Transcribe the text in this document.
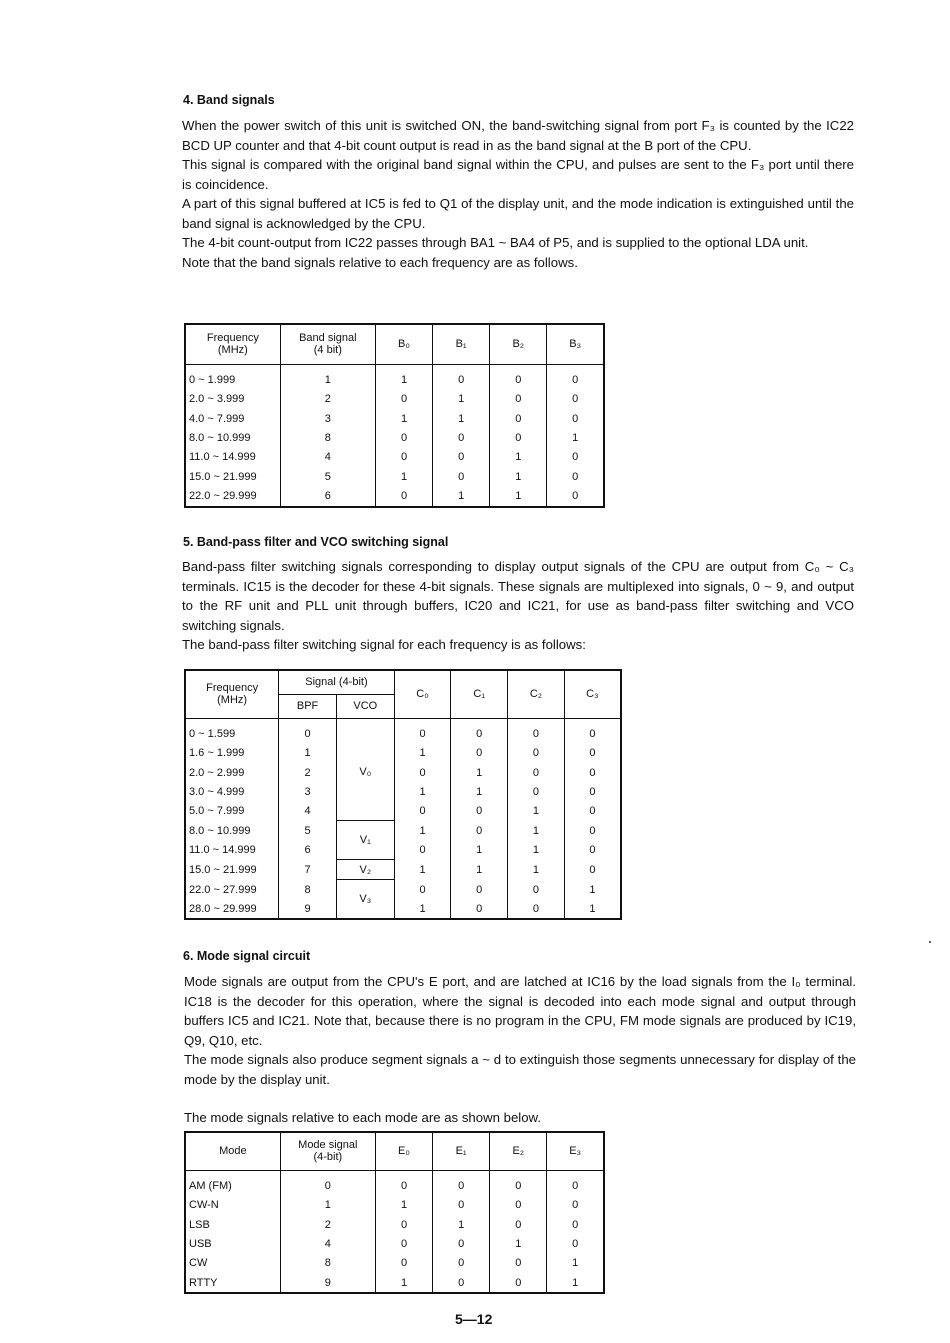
4. Band signals

When the power switch of this unit is switched ON, the band-switching signal from port F₃ is counted by the IC22 BCD UP counter and that 4-bit count output is read in as the band signal at the B port of the CPU.

This signal is compared with the original band signal within the CPU, and pulses are sent to the F₃ port until there is coincidence.

A part of this signal buffered at IC5 is fed to Q1 of the display unit, and the mode indication is extinguished until the band signal is acknowledged by the CPU.

The 4-bit count-output from IC22 passes through BA1 ~ BA4 of P5, and is supplied to the optional LDA unit.

Note that the band signals relative to each frequency are as follows.

Frequency
(MHz)	Band signal
(4 bit)	B₀	B₁	B₂	B₃

0 ~ 1.999	1	1	0	0	0
2.0 ~ 3.999	2	0	1	0	0
4.0 ~ 7.999	3	1	1	0	0
8.0 ~ 10.999	8	0	0	0	1
11.0 ~ 14.999	4	0	0	1	0
15.0 ~ 21.999	5	1	0	1	0
22.0 ~ 29.999	6	0	1	1	0
5. Band-pass filter and VCO switching signal

Band-pass filter switching signals corresponding to display output signals of the CPU are output from C₀ ~ C₃ terminals. IC15 is the decoder for these 4-bit signals. These signals are multiplexed into signals, 0 ~ 9, and output to the RF unit and PLL unit through buffers, IC20 and IC21, for use as band-pass filter switching and VCO switching signals.

The band-pass filter switching signal for each frequency is as follows:

Frequency
(MHz)	Signal (4-bit)		C₀	C₁	C₂	C₃
	BPF	VCO				

0 ~ 1.599	0	V₀	0	0	0	0
1.6 ~ 1.999	1		1	0	0	0
2.0 ~ 2.999	2		0	1	0	0
3.0 ~ 4.999	3		1	1	0	0
5.0 ~ 7.999	4		0	0	1	0
8.0 ~ 10.999	5	V₁	1	0	1	0
11.0 ~ 14.999	6		0	1	1	0
15.0 ~ 21.999	7	V₂	1	1	1	0
22.0 ~ 27.999	8	V₃	0	0	0	1
28.0 ~ 29.999	9		1	0	0	1
6. Mode signal circuit

Mode signals are output from the CPU's E port, and are latched at IC16 by the load signals from the I₀ terminal. IC18 is the decoder for this operation, where the signal is decoded into each mode signal and output through buffers IC5 and IC21. Note that, because there is no program in the CPU, FM mode signals are produced by IC19, Q9, Q10, etc.

The mode signals also produce segment signals a ~ d to extinguish those segments unnecessary for display of the mode by the display unit.

The mode signals relative to each mode are as shown below.

Mode	Mode signal
(4-bit)	E₀	E₁	E₂	E₃

AM (FM)	0	0	0	0	0
CW-N	1	1	0	0	0
LSB	2	0	1	0	0
USB	4	0	0	1	0
CW	8	0	0	0	1
RTTY	9	1	0	0	1
5—12
